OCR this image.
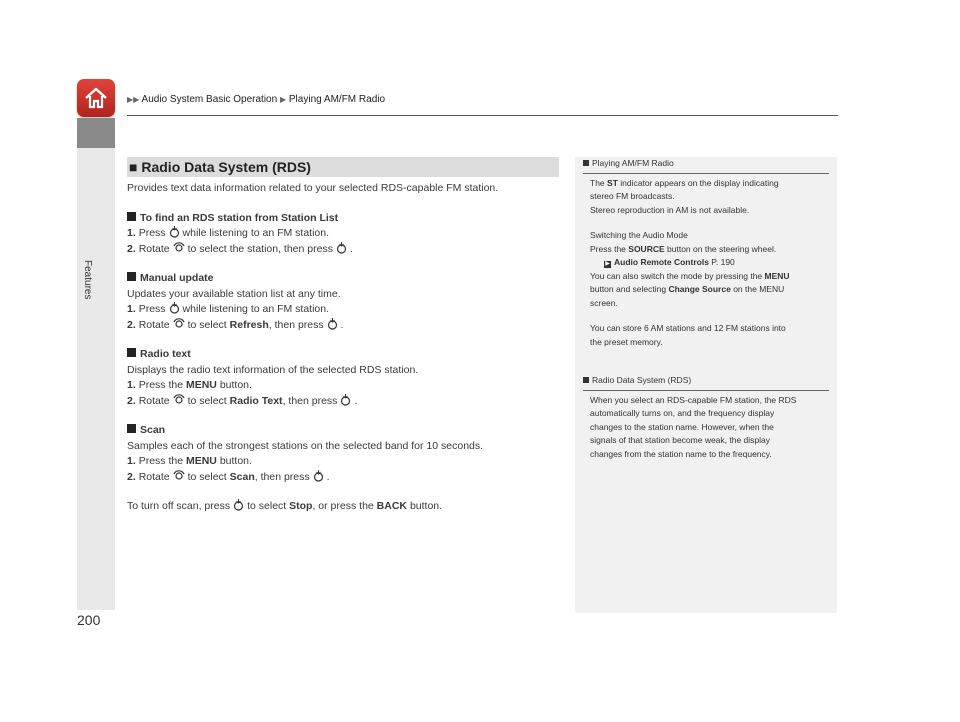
▶▶ Audio System Basic Operation ▶ Playing AM/FM Radio
Features
200
■ Radio Data System (RDS)

Provides text data information related to your selected RDS-capable FM station.

To find an RDS station from Station List

1. Press while listening to an FM station.

2. Rotate to select the station, then press .

Manual update

Updates your available station list at any time.

1. Press while listening to an FM station.

2. Rotate to select Refresh, then press .

Radio text

Displays the radio text information of the selected RDS station.

1. Press the MENU button.

2. Rotate to select Radio Text, then press .

Scan

Samples each of the strongest stations on the selected band for 10 seconds.

1. Press the MENU button.

2. Rotate to select Scan, then press .

To turn off scan, press to select Stop, or press the BACK button.

Playing AM/FM Radio
The ST indicator appears on the display indicating
stereo FM broadcasts.
Stereo reproduction in AM is not available.
Switching the Audio Mode
Press the SOURCE button on the steering wheel.
▶ Audio Remote Controls P. 190
You can also switch the mode by pressing the MENU
button and selecting Change Source on the MENU
screen.
You can store 6 AM stations and 12 FM stations into
the preset memory.
Radio Data System (RDS)
When you select an RDS-capable FM station, the RDS
automatically turns on, and the frequency display
changes to the station name. However, when the
signals of that station become weak, the display
changes from the station name to the frequency.
